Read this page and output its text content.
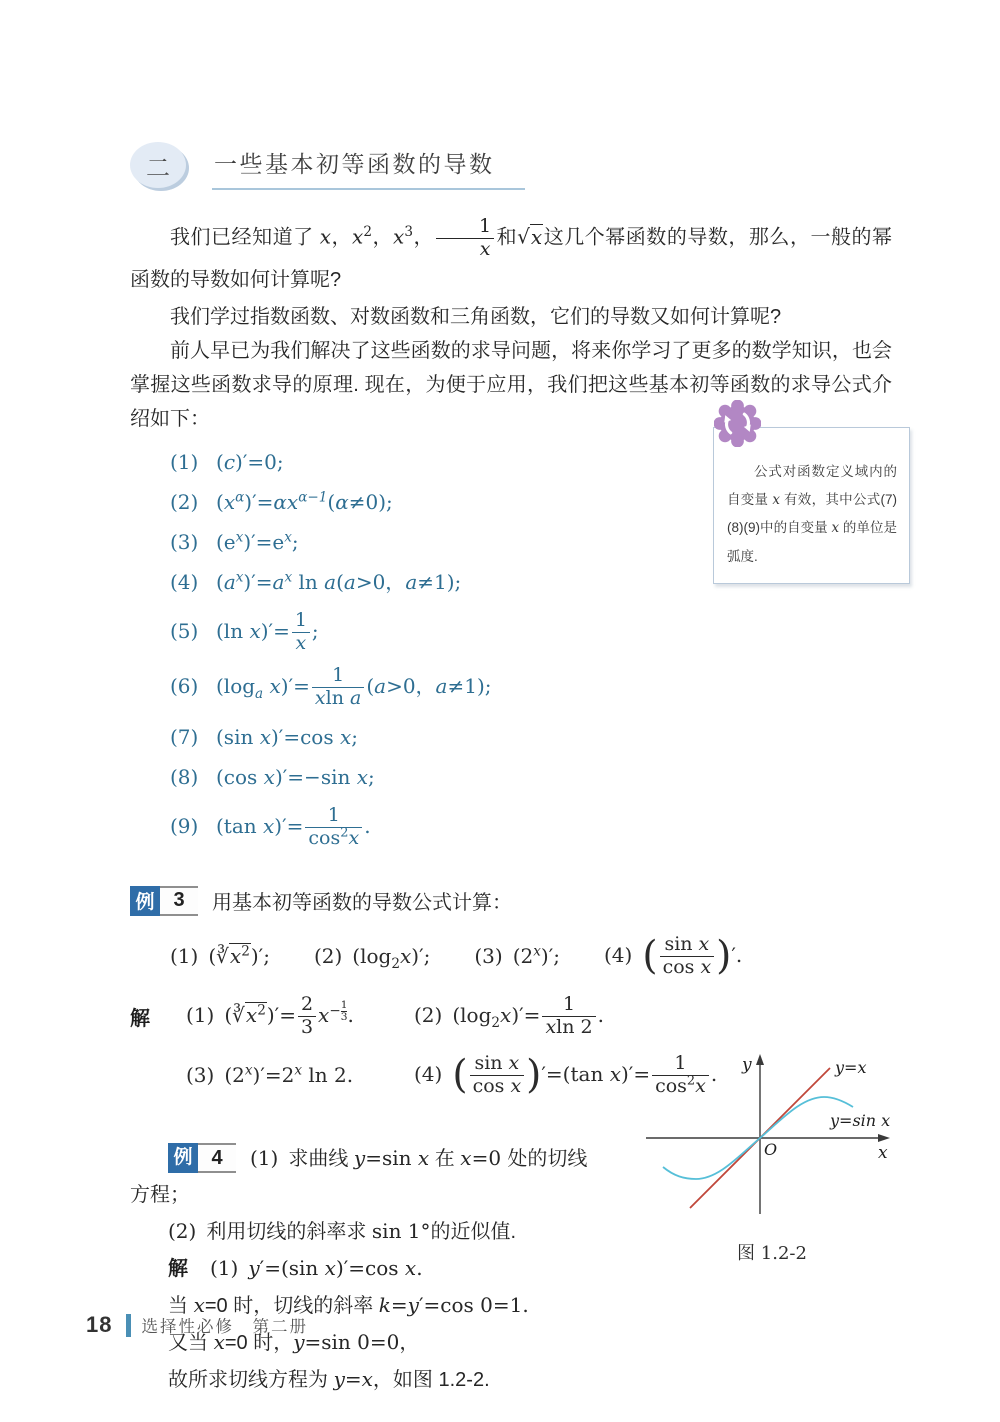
二 一些基本初等函数的导数

我们已经知道了 x，$x^2$，$x^3$， $\frac{1}{x}$ 和√x这几个幂函数的导数，那么，一般的幂函数的导数如何计算呢?

我们学过指数函数、对数函数和三角函数，它们的导数又如何计算呢?

前人早已为我们解决了这些函数的求导问题，将来你学习了更多的数学知识，也会掌握这些函数求导的原理. 现在，为便于应用，我们把这些基本初等函数的求导公式介绍如下：

(1) (c)′=0;
(2) $(x^\alpha)'=\alpha x^{\alpha-1}(\alpha\ne 0)$;
(3) $(e^x)'=e^x$;
(4) $(a^x)'=a^x$ ln a(a>0，a≠1);
(5) (ln $x)'= \frac{1}{x}$ ;
(6) ($\log_a$ $x)'= \frac{1}{\text{xln a}} (a>0$，a≠1);
(7) (sin x)′=cos x;
(8) (cos x)′=−sin x;
(9) (tan $x)'= \frac{1}{\cos^2x}$ .
例 3	用基本初等函数的导数公式计算：
(1) $(∛x^2)'$; (2) $(\log_2x)'$; (3) (2$^x$)′; (4) ( $\frac{\text{sin x}}{\text{cos x}}$ )′.
解	(1) $(∛x^2)'= \frac{2}{3} x^{- \frac{1}{3}}$ .	(2) $(\log_2x)'= \frac{1}{xln 2}$ .
(3) $(2^x)'=2^x$ ln 2.	(4) ( $\frac{\text{sin x}}{\text{cos x}} )'=(\tan$ $x)'= \frac{1}{\cos^2x}$ .
例 4	(1) 求曲线 y=sin x 在 x=0 处的切线
方程；
(2) 利用切线的斜率求 sin 1°的近似值.
解 (1) y′=(sin x)′=cos x.
当 x=0 时，切线的斜率 k=y′=cos 0=1.
又当 x=0 时，y=sin 0=0，
故所求切线方程为 y=x，如图 1.2-2.

公式对函数定义域内的自变量 x 有效，其中公式(7)(8)(9)中的自变量 x 的单位是弧度.

y
x
O
y=x
y=sin x
图 1.2-2
18 选择性必修　第二册
